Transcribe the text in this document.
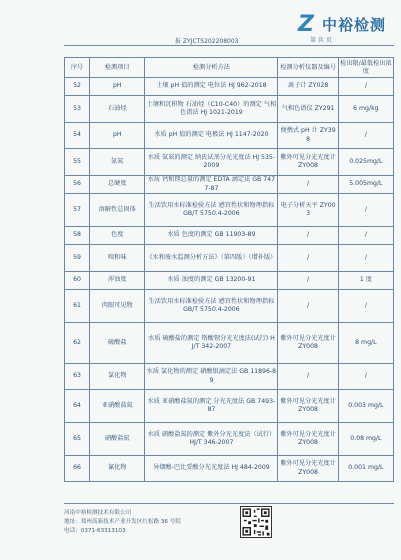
Z 中裕检测
第 共 页
报 ZYJCTS202208003
序号	检测项目	检测分析方法	检测分析仪器及编号	检出限/最低检出浓度
52	pH	土壤 pH 值的测定 电位法 HJ 962-2018	离子计 ZY028	/
53	石油烃	土壤和沉积物 石油烃（C10-C40）的测定 气相色谱法 HJ 1021-2019	气相色谱仪 ZY291	6 mg/kg
54	pH	水质 pH 值的测定 电极法 HJ 1147-2020	便携式 pH 计 ZY398	/
55	氨氮	水质 氨氮的测定 纳氏试剂分光光度法 HJ 535-2009	紫外可见分光光度计 ZY008	0.025mg/L
56	总硬度	水质 钙和镁总量的测定 EDTA 滴定法 GB 7477-87	/	5.005mg/L
57	溶解性总固体	生活饮用水标准检验方法 感官性状和物理指标 GB/T 5750.4-2006	电子分析天平 ZY003	/
58	色度	水质 色度的测定 GB 11903-89	/	/
59	嗅和味	《水和废水监测分析方法》（第四版）（增补版）	/	/
60	浑浊度	水质 浊度的测定 GB 13200-91	/	1 度
61	肉眼可见物	生活饮用水标准检验方法 感官性状和物理指标 GB/T 5750.4-2006	/	/
62	硫酸盐	水质 硫酸盐的测定 铬酸钡分光光度法(试行) HJ/T 342-2007	紫外可见分光光度计 ZY008	8 mg/L
63	氯化物	水质 氯化物的测定 硝酸银滴定法 GB 11896-89	/	/
64	亚硝酸盐氮	水质 亚硝酸盐氮的测定 分光光度法 GB 7493-87	紫外可见分光光度计 ZY008	0.003 mg/L
65	硝酸盐氮	水质 硝酸盐氮的测定 紫外分光光度法（试行） HJ/T 346-2007	紫外可见分光光度计 ZY008	0.08 mg/L
66	氰化物	异烟酸-巴比妥酸分光光度法 HJ 484-2009	紫外可见分光光度计 ZY008	0.001 mg/L
河南中裕检测技术有限公司
地址：郑州高新技术产业开发区红松路 36 号院
电话：0371-63313103
